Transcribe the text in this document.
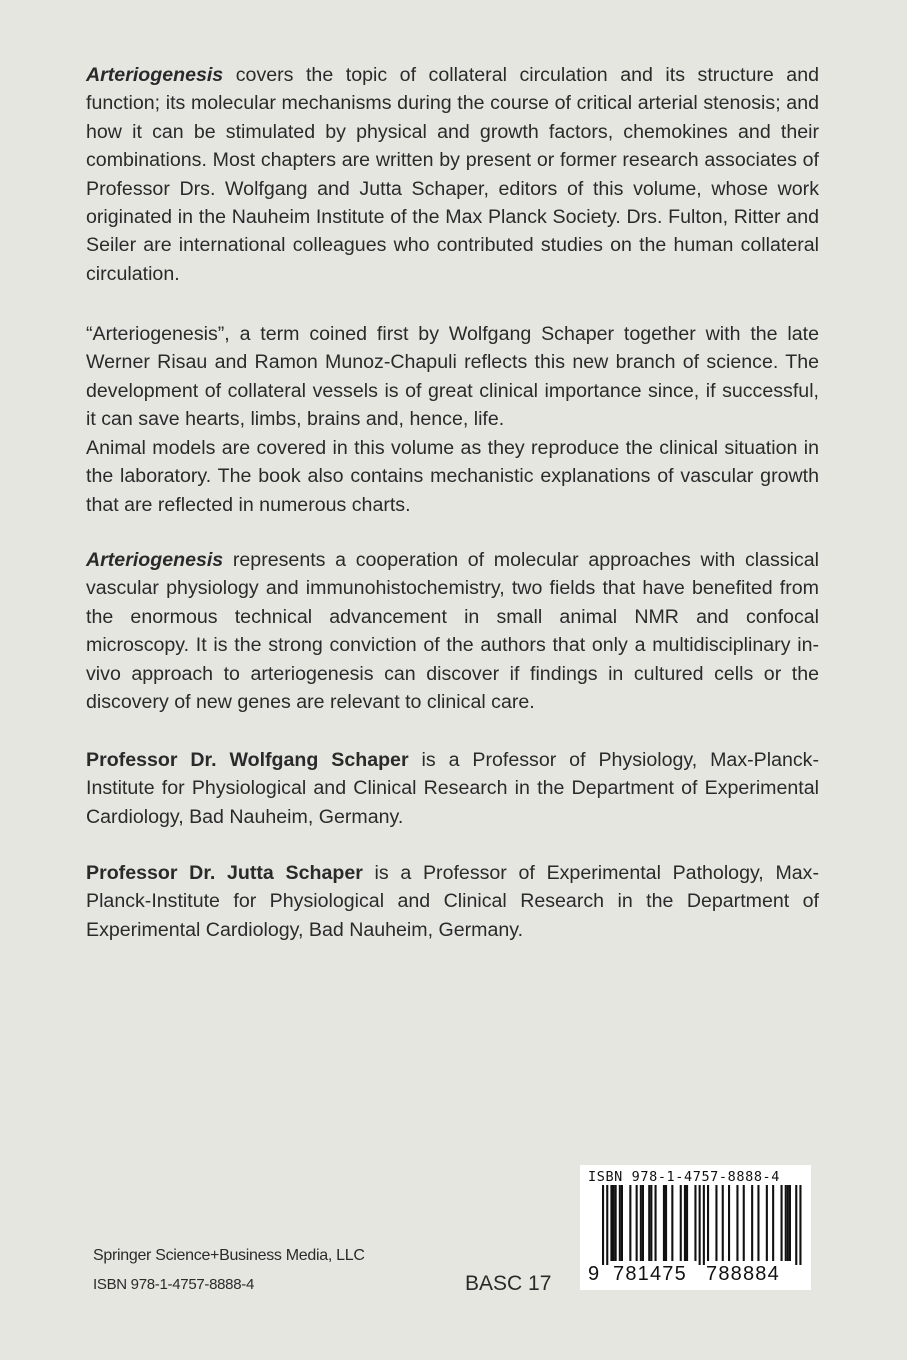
Arteriogenesis covers the topic of collateral circulation and its structure and function; its molecular mechanisms during the course of critical arterial stenosis; and how it can be stimulated by physical and growth factors, chemokines and their combinations. Most chapters are written by present or former research associates of Professor Drs. Wolfgang and Jutta Schaper, editors of this volume, whose work originated in the Nauheim Institute of the Max Planck Society. Drs. Fulton, Ritter and Seiler are international colleagues who contributed studies on the human collateral circulation.

“Arteriogenesis”, a term coined first by Wolfgang Schaper together with the late Werner Risau and Ramon Munoz-Chapuli reflects this new branch of science. The development of collateral vessels is of great clinical importance since, if successful, it can save hearts, limbs, brains and, hence, life.

Animal models are covered in this volume as they reproduce the clinical situation in the laboratory. The book also contains mechanistic explanations of vascular growth that are reflected in numerous charts.

Arteriogenesis represents a cooperation of molecular approaches with classical vascular physiology and immunohistochemistry, two fields that have benefited from the enormous technical advancement in small animal NMR and confocal microscopy. It is the strong conviction of the authors that only a multidisciplinary in-vivo approach to arteriogenesis can discover if findings in cultured cells or the discovery of new genes are relevant to clinical care.

Professor Dr. Wolfgang Schaper is a Professor of Physiology, Max-Planck-Institute for Physiological and Clinical Research in the Department of Experimental Cardiology, Bad Nauheim, Germany.

Professor Dr. Jutta Schaper is a Professor of Experimental Pathology, Max-Planck-Institute for Physiological and Clinical Research in the Department of Experimental Cardiology, Bad Nauheim, Germany.

Springer Science+Business Media, LLC
ISBN 978-1-4757-8888-4	BASC 17
ISBN 978-1-4757-8888-4
9 781475 788884
